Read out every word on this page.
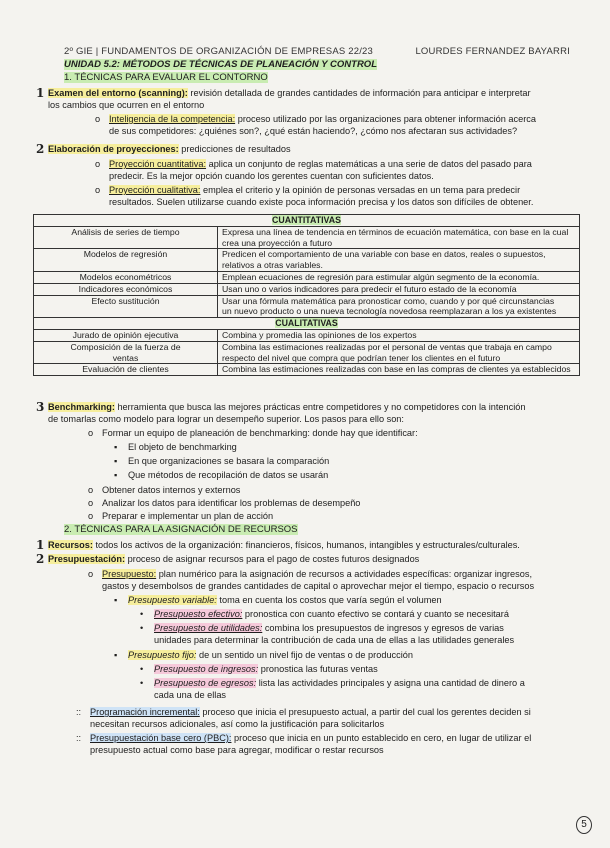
2º GIE | FUNDAMENTOS DE ORGANIZACIÓN DE EMPRESAS 22/23	LOURDES FERNANDEZ BAYARRI
UNIDAD 5.2: MÉTODOS DE TÉCNICAS DE PLANEACIÓN Y CONTROL
1. TÉCNICAS PARA EVALUAR EL CONTORNO
1 Examen del entorno (scanning): revisión detallada de grandes cantidades de información para anticipar e interpretar
los cambios que ocurren en el entorno
o Inteligencia de la competencia: proceso utilizado por las organizaciones para obtener información acerca
de sus competidores: ¿quiénes son?, ¿qué están haciendo?, ¿cómo nos afectaran sus actividades?
2 Elaboración de proyecciones: predicciones de resultados
o Proyección cuantitativa: aplica un conjunto de reglas matemáticas a una serie de datos del pasado para
predecir. Es la mejor opción cuando los gerentes cuentan con suficientes datos.
o Proyección cualitativa: emplea el criterio y la opinión de personas versadas en un tema para predecir
resultados. Suelen utilizarse cuando existe poca información precisa y los datos son difíciles de obtener.
CUANTITATIVAS	
Análisis de series de tiempo	Expresa una línea de tendencia en términos de ecuación matemática, con base en la cual
crea una proyección a futuro
Modelos de regresión	Predicen el comportamiento de una variable con base en datos, reales o supuestos,
relativos a otras variables.
Modelos econométricos	Emplean ecuaciones de regresión para estimular algún segmento de la economía.
Indicadores económicos	Usan uno o varios indicadores para predecir el futuro estado de la economía
Efecto sustitución	Usar una fórmula matemática para pronosticar como, cuando y por qué circunstancias
un nuevo producto o una nueva tecnología novedosa reemplazaran a los ya existentes
CUALITATIVAS	
Jurado de opinión ejecutiva	Combina y promedia las opiniones de los expertos
Composición de la fuerza de
ventas	Combina las estimaciones realizadas por el personal de ventas que trabaja en campo
respecto del nivel que compra que podrían tener los clientes en el futuro
Evaluación de clientes	Combina las estimaciones realizadas con base en las compras de clientes ya establecidos
3 Benchmarking: herramienta que busca las mejores prácticas entre competidores y no competidores con la intención
de tomarlas como modelo para lograr un desempeño superior. Los pasos para ello son:
o Formar un equipo de planeación de benchmarking: donde hay que identificar:
▪ El objeto de benchmarking
▪ En que organizaciones se basara la comparación
▪ Que métodos de recopilación de datos se usarán
o Obtener datos internos y externos
o Analizar los datos para identificar los problemas de desempeño
o Preparar e implementar un plan de acción
2. TÉCNICAS PARA LA ASIGNACIÓN DE RECURSOS
1 Recursos: todos los activos de la organización: financieros, físicos, humanos, intangibles y estructurales/culturales.
2 Presupuestación: proceso de asignar recursos para el pago de costes futuros designados
o Presupuesto: plan numérico para la asignación de recursos a actividades específicas: organizar ingresos,
gastos y desembolsos de grandes cantidades de capital o aprovechar mejor el tiempo, espacio o recursos
▪ Presupuesto variable: toma en cuenta los costos que varía según el volumen
• Presupuesto efectivo: pronostica con cuanto efectivo se contará y cuanto se necesitará
• Presupuesto de utilidades: combina los presupuestos de ingresos y egresos de varias
unidades para determinar la contribución de cada una de ellas a las utilidades generales
▪ Presupuesto fijo: de un sentido un nivel fijo de ventas o de producción
• Presupuesto de ingresos: pronostica las futuras ventas
• Presupuesto de egresos: lista las actividades principales y asigna una cantidad de dinero a
cada una de ellas
:: Programación incremental: proceso que inicia el presupuesto actual, a partir del cual los gerentes deciden si
necesitan recursos adicionales, así como la justificación para solicitarlos
:: Presupuestación base cero (PBC): proceso que inicia en un punto establecido en cero, en lugar de utilizar el
presupuesto actual como base para agregar, modificar o restar recursos
5
